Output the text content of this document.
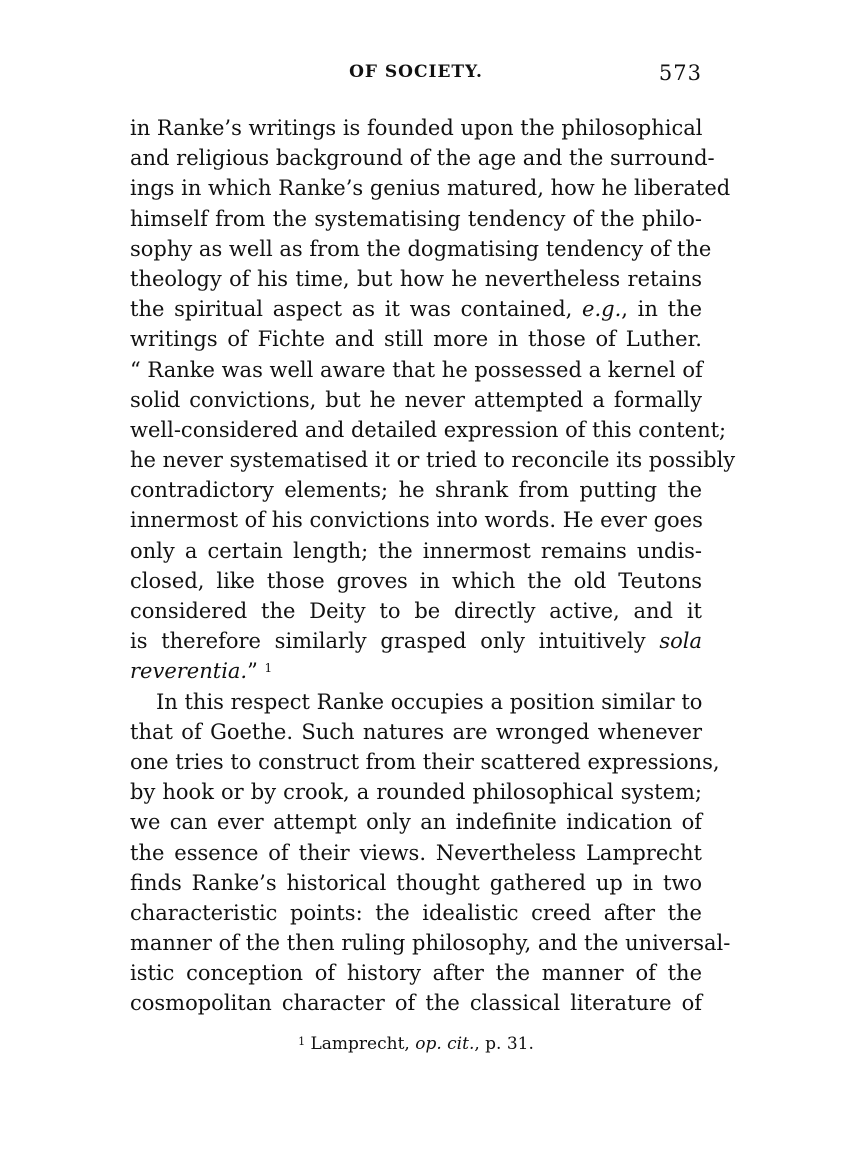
OF SOCIETY.	573
in Ranke’s writings is founded upon the philosophical
and religious background of the age and the surround-
ings in which Ranke’s genius matured, how he liberated
himself from the systematising tendency of the philo-
sophy as well as from the dogmatising tendency of the
theology of his time, but how he nevertheless retains
the spiritual aspect as it was contained, e.g., in the
writings of Fichte and still more in those of Luther.
“ Ranke was well aware that he possessed a kernel of
solid convictions, but he never attempted a formally
well-considered and detailed expression of this content;
he never systematised it or tried to reconcile its possibly
contradictory elements; he shrank from putting the
innermost of his convictions into words. He ever goes
only a certain length; the innermost remains undis-
closed, like those groves in which the old Teutons
considered the Deity to be directly active, and it
is therefore similarly grasped only intuitively sola
reverentia.” $^1$
In this respect Ranke occupies a position similar to
that of Goethe. Such natures are wronged whenever
one tries to construct from their scattered expressions,
by hook or by crook, a rounded philosophical system;
we can ever attempt only an indefinite indication of
the essence of their views. Nevertheless Lamprecht
finds Ranke’s historical thought gathered up in two
characteristic points: the idealistic creed after the
manner of the then ruling philosophy, and the universal-
istic conception of history after the manner of the
cosmopolitan character of the classical literature of
$^1$ Lamprecht, op. cit., p. 31.
